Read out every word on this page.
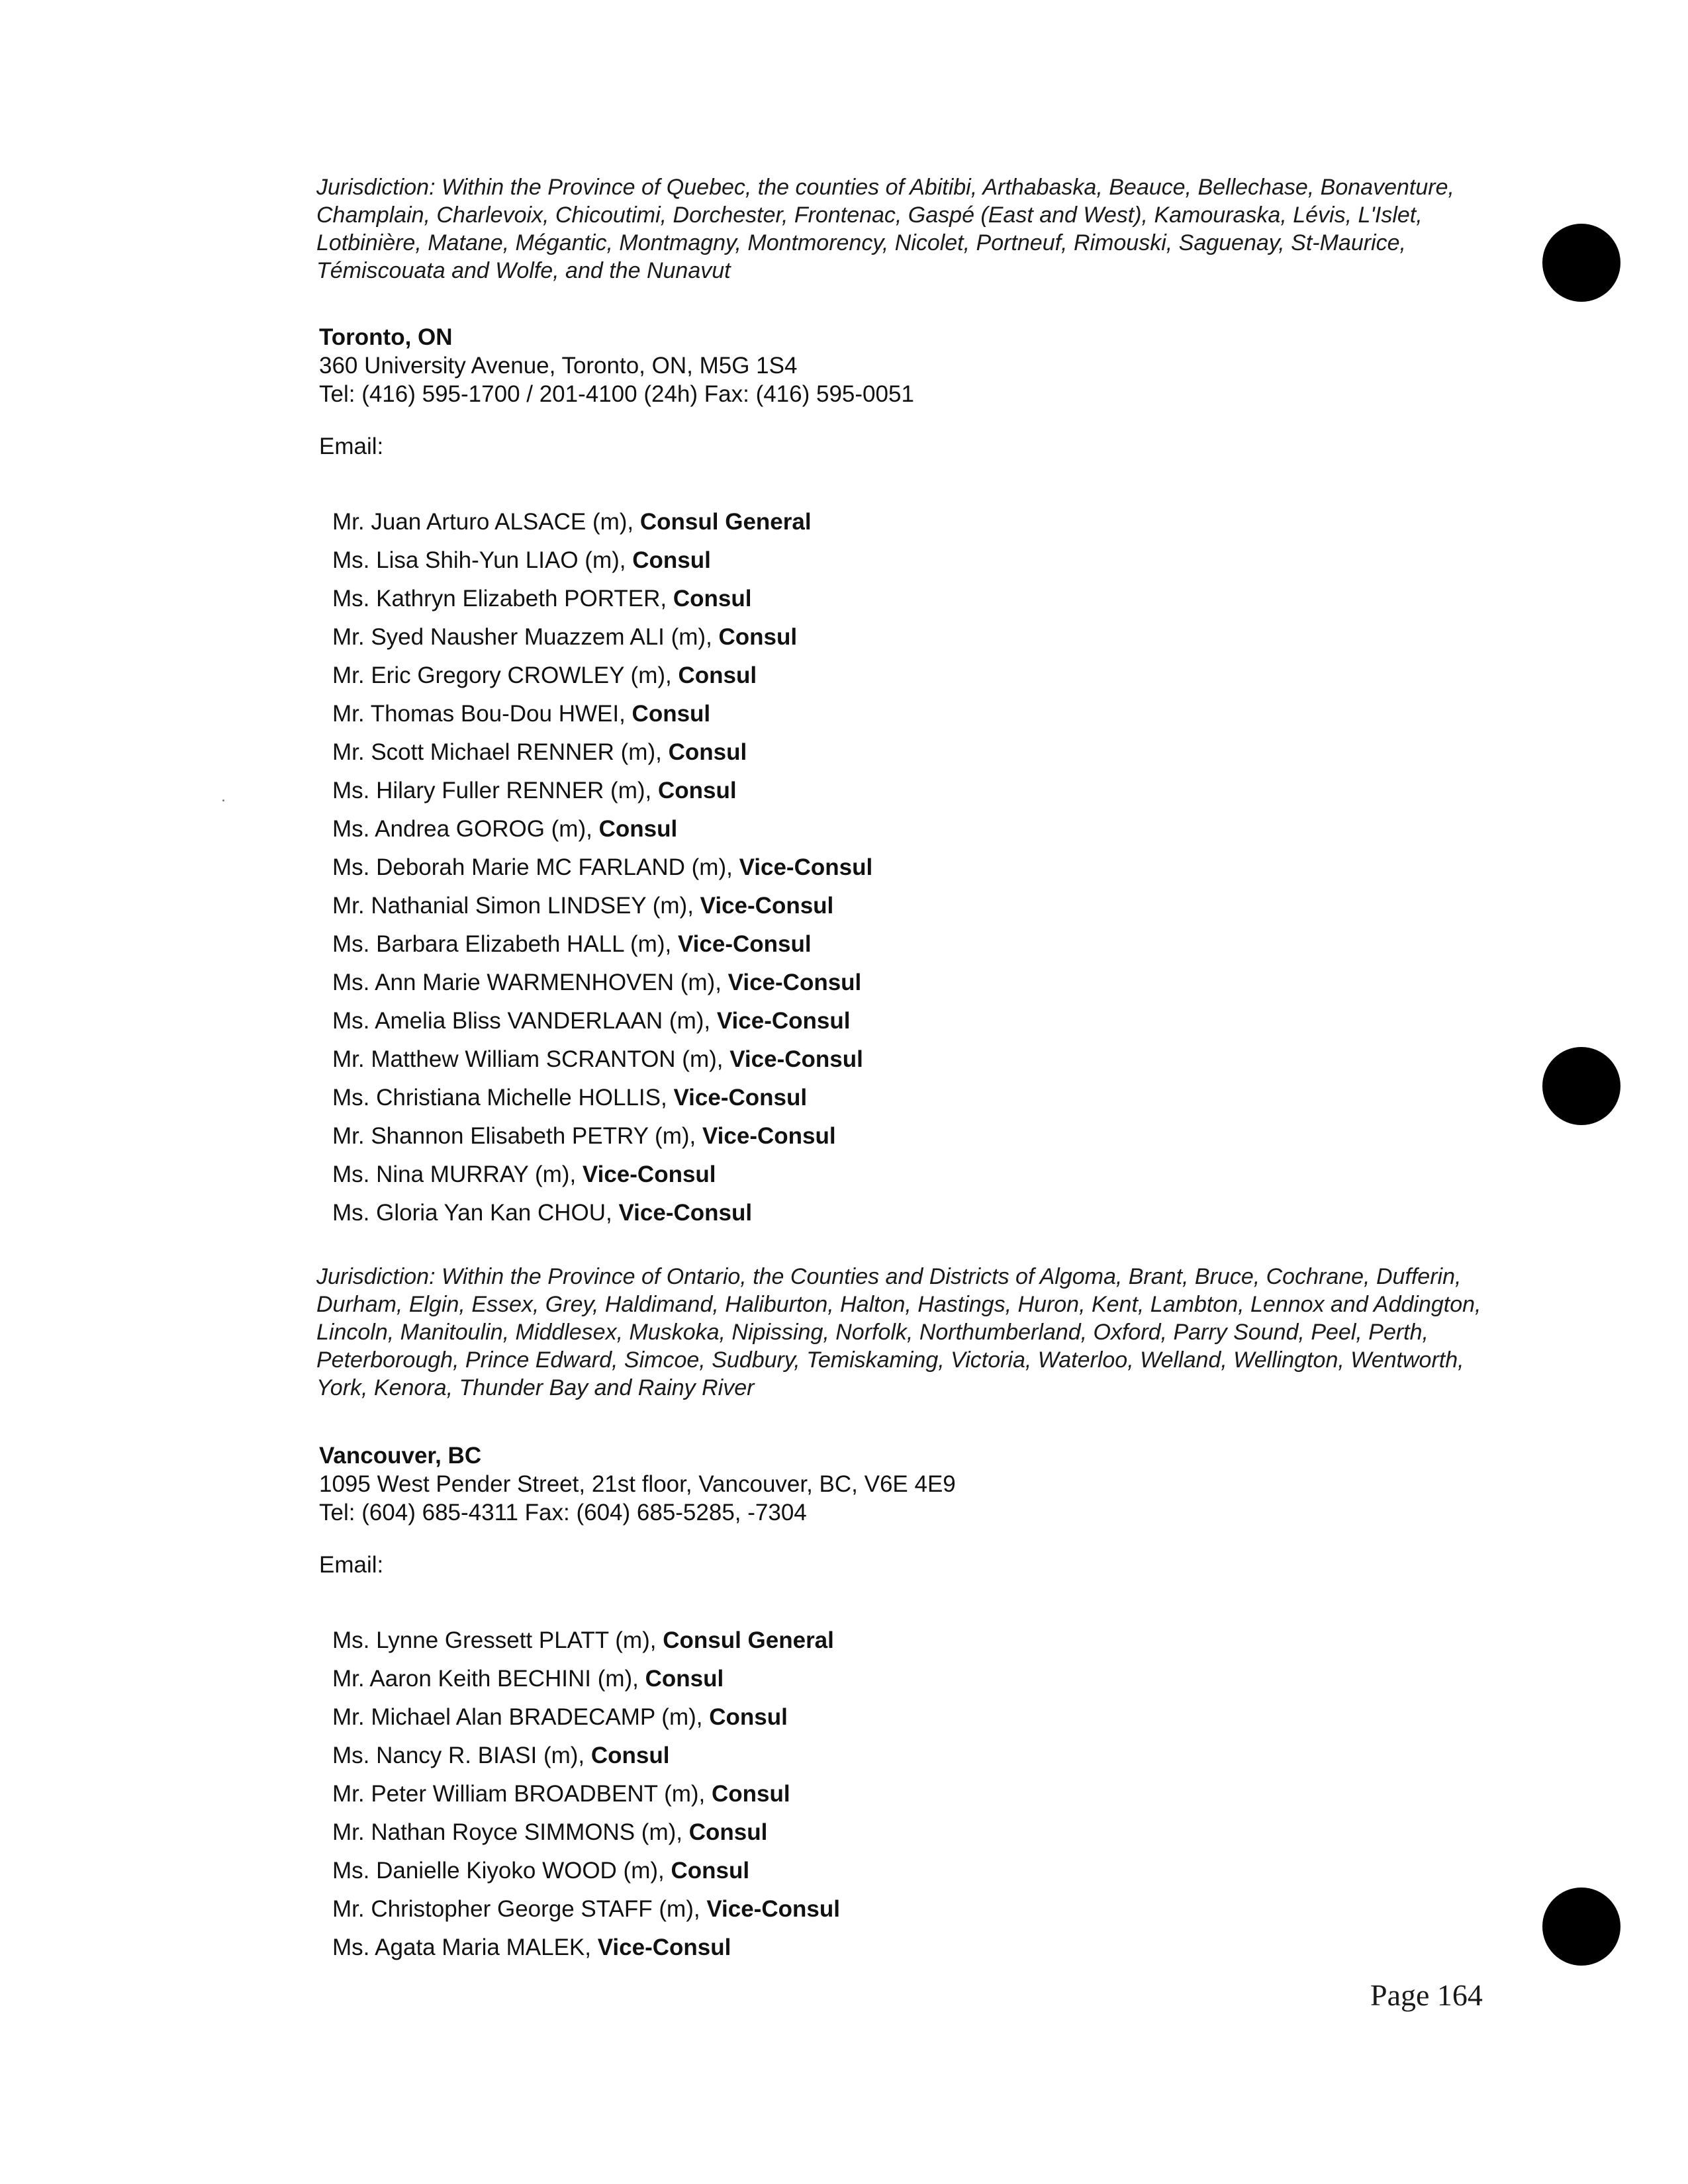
Jurisdiction: Within the Province of Quebec, the counties of Abitibi, Arthabaska, Beauce, Bellechase, Bonaventure, Champlain, Charlevoix, Chicoutimi, Dorchester, Frontenac, Gaspé (East and West), Kamouraska, Lévis, L'Islet, Lotbinière, Matane, Mégantic, Montmagny, Montmorency, Nicolet, Portneuf, Rimouski, Saguenay, St-Maurice, Témiscouata and Wolfe, and the Nunavut
Toronto, ON
360 University Avenue, Toronto, ON, M5G 1S4
Tel: (416) 595-1700 / 201-4100 (24h) Fax: (416) 595-0051
Email:
Mr. Juan Arturo ALSACE (m), Consul General
Ms. Lisa Shih-Yun LIAO (m), Consul
Ms. Kathryn Elizabeth PORTER, Consul
Mr. Syed Nausher Muazzem ALI (m), Consul
Mr. Eric Gregory CROWLEY (m), Consul
Mr. Thomas Bou-Dou HWEI, Consul
Mr. Scott Michael RENNER (m), Consul
Ms. Hilary Fuller RENNER (m), Consul
Ms. Andrea GOROG (m), Consul
Ms. Deborah Marie MC FARLAND (m), Vice-Consul
Mr. Nathanial Simon LINDSEY (m), Vice-Consul
Ms. Barbara Elizabeth HALL (m), Vice-Consul
Ms. Ann Marie WARMENHOVEN (m), Vice-Consul
Ms. Amelia Bliss VANDERLAAN (m), Vice-Consul
Mr. Matthew William SCRANTON (m), Vice-Consul
Ms. Christiana Michelle HOLLIS, Vice-Consul
Mr. Shannon Elisabeth PETRY (m), Vice-Consul
Ms. Nina MURRAY (m), Vice-Consul
Ms. Gloria Yan Kan CHOU, Vice-Consul
Jurisdiction: Within the Province of Ontario, the Counties and Districts of Algoma, Brant, Bruce, Cochrane, Dufferin, Durham, Elgin, Essex, Grey, Haldimand, Haliburton, Halton, Hastings, Huron, Kent, Lambton, Lennox and Addington, Lincoln, Manitoulin, Middlesex, Muskoka, Nipissing, Norfolk, Northumberland, Oxford, Parry Sound, Peel, Perth, Peterborough, Prince Edward, Simcoe, Sudbury, Temiskaming, Victoria, Waterloo, Welland, Wellington, Wentworth, York, Kenora, Thunder Bay and Rainy River
Vancouver, BC
1095 West Pender Street, 21st floor, Vancouver, BC, V6E 4E9
Tel: (604) 685-4311 Fax: (604) 685-5285, -7304
Email:
Ms. Lynne Gressett PLATT (m), Consul General
Mr. Aaron Keith BECHINI (m), Consul
Mr. Michael Alan BRADECAMP (m), Consul
Ms. Nancy R. BIASI (m), Consul
Mr. Peter William BROADBENT (m), Consul
Mr. Nathan Royce SIMMONS (m), Consul
Ms. Danielle Kiyoko WOOD (m), Consul
Mr. Christopher George STAFF (m), Vice-Consul
Ms. Agata Maria MALEK, Vice-Consul
Page 164
